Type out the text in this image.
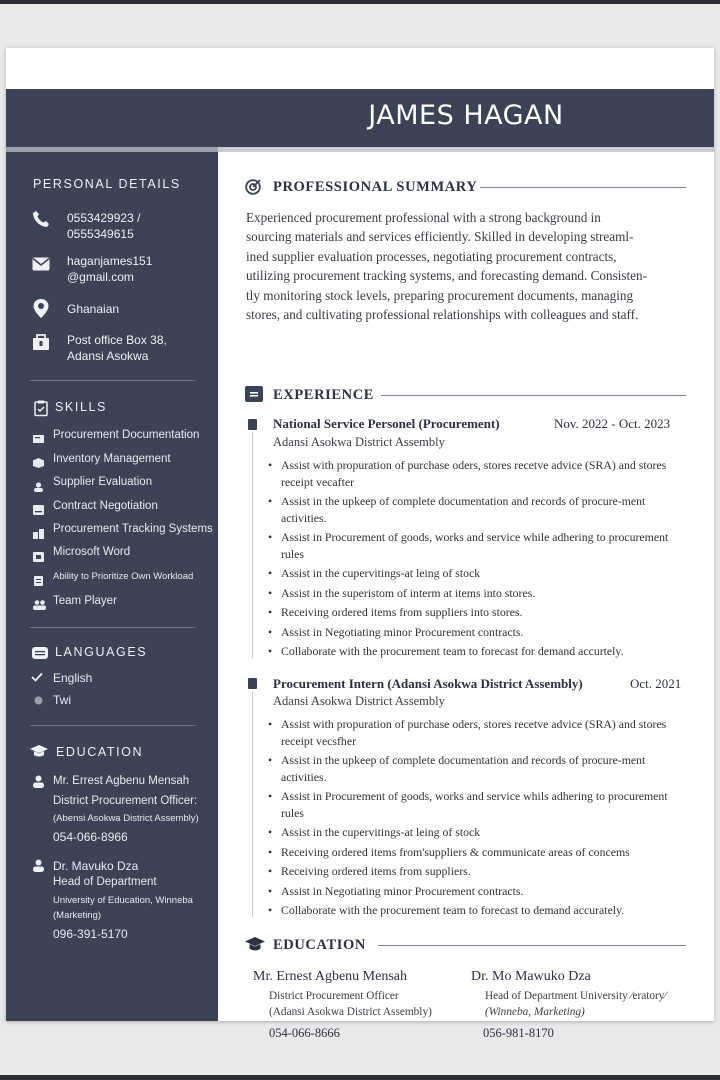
JAMES HAGAN
PERSONAL DETAILS
0553429923 /
0555349615
haganjames151
@gmail.com
Ghanaian
Post office Box 38,
Adansi Asokwa
SKILLS
Procurement Documentation
Inventory Management
Supplier Evaluation
Contract Negotiation
Procurement Tracking Systems
Microsoft Word
Ability to Prioritize Own Workload
Team Player
LANGUAGES
English
Twi
EDUCATION
Mr. Errest Agbenu Mensah
District Procurement Officer:
(Abensi Asokwa District Assembly)
054-066-8966
Dr. Mavuko Dza
Head of Department
University of Education, Winneba
(Marketing)
096-391-5170
PROFESSIONAL SUMMARY
Experienced procurement professional with a strong background in
sourcing materials and services efficiently. Skilled in developing streaml-
ined supplier evaluation processes, negotiating procurement contracts,
utilizing procurement tracking systems, and forecasting demand. Consisten-
tly monitoring stock levels, preparing procurement documents, managing
stores, and cultivating professional relationships with colleagues and staff.
EXPERIENCE
National Service Personel (Procurement)	Nov. 2022 - Oct. 2023
Adansi Asokwa District Assembly
• Assist with propuration of purchase oders, stores recetve advice (SRA) and stores receipt vecafter
• Assist in the upkeep of complete documentation and records of procure-ment activities.
• Assist in Procurement of goods, works and service while adhering to procurement rules
• Assist in the cupervitings-at leing of stock
• Assist in the superistom of interm at items into stores.
• Receiving ordered items from suppliers into stores.
• Assist in Negotiating minor Procurement contracts.
• Collaborate with the procurement team to forecast for demand accurtely.
Procurement Intern (Adansi Asokwa District Assembly)	Oct. 2021
Adansi Asokwa District Assembly
• Assist with propuration of purchase oders, stores recetve advice (SRA) and stores receipt vecsfher
• Assist in the upkeep of complete documentation and records of procure-ment activities.
• Assist in Procurement of goods, works and service whils adhering to procurement rules
• Assist in the cupervitings-at leing of stock
• Receiving ordered items from'suppliers & communicate areas of concems
• Receiving ordered items from suppliers.
• Assist in Negotiating minor Procurement contracts.
• Collaborate with the procurement team to forecast to demand accurately.
EDUCATION
Mr. Ernest Agbenu Mensah
District Procurement Officer
(Adansi Asokwa District Assembly)
054-066-8666
Dr. Mo Mawuko Dza
Head of Department University ∕eratory∕
(Winneba, Marketing)
056-981-8170
